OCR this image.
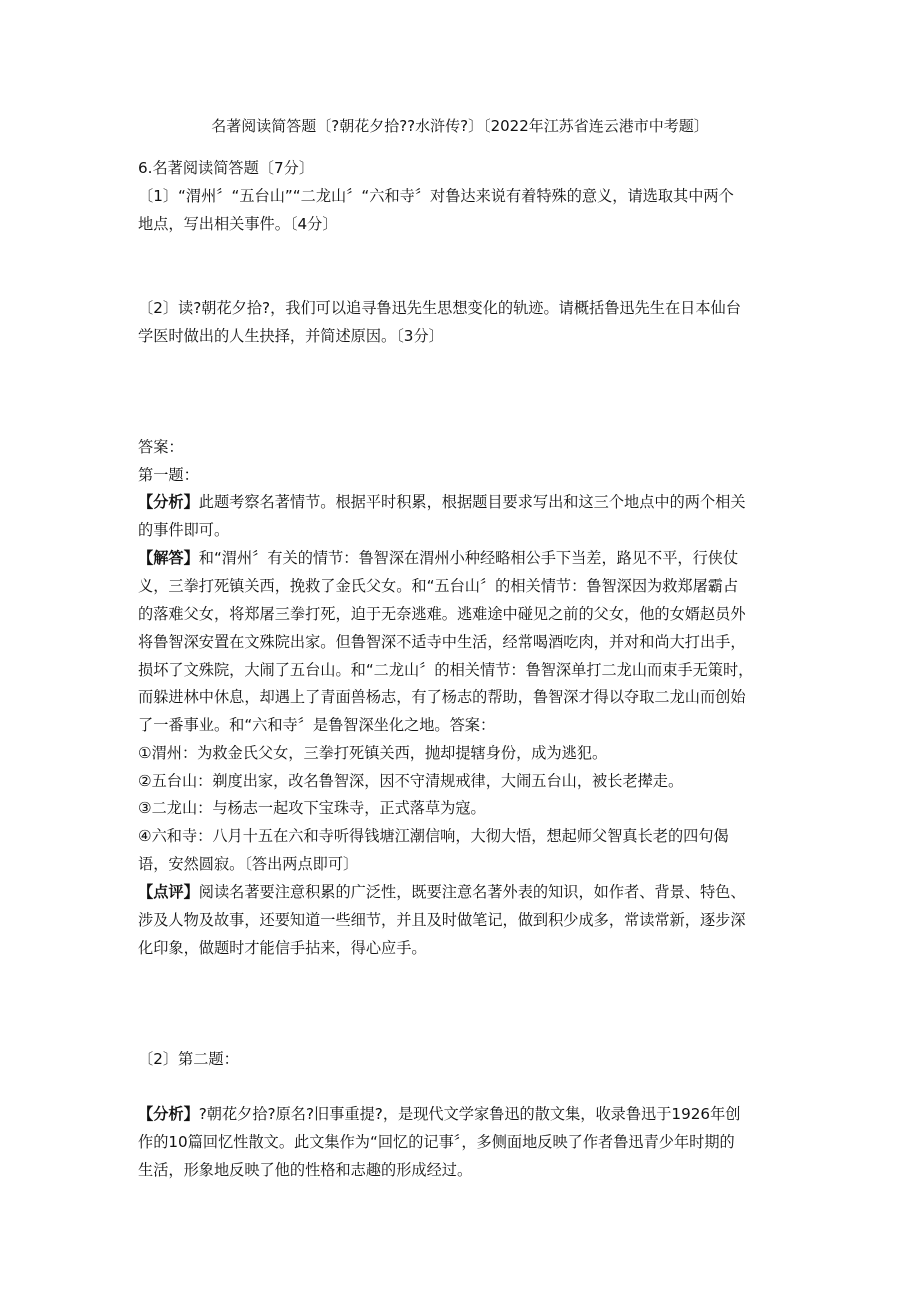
名著阅读简答题〔?朝花夕拾??水浒传?〕〔2022年江苏省连云港市中考题〕
6.名著阅读简答题〔7分〕
〔1〕“渭州〞“五台山”“二龙山〞“六和寺〞对鲁达来说有着特殊的意义，请选取其中两个
地点，写出相关事件。〔4分〕
〔2〕读?朝花夕拾?，我们可以追寻鲁迅先生思想变化的轨迹。请概括鲁迅先生在日本仙台
学医时做出的人生抉择，并简述原因。〔3分〕
答案：
第一题：
【分析】此题考察名著情节。根据平时积累，根据题目要求写出和这三个地点中的两个相关
的事件即可。
【解答】和“渭州〞有关的情节：鲁智深在渭州小种经略相公手下当差，路见不平，行侠仗
义，三拳打死镇关西，挽救了金氏父女。和“五台山〞的相关情节：鲁智深因为救郑屠霸占
的落难父女，将郑屠三拳打死，迫于无奈逃难。逃难途中碰见之前的父女，他的女婿赵员外
将鲁智深安置在文殊院出家。但鲁智深不适寺中生活，经常喝酒吃肉，并对和尚大打出手，
损坏了文殊院，大闹了五台山。和“二龙山〞的相关情节：鲁智深单打二龙山而束手无策时，
而躲进林中休息，却遇上了青面兽杨志，有了杨志的帮助，鲁智深才得以夺取二龙山而创始
了一番事业。和“六和寺〞是鲁智深坐化之地。答案：
①渭州：为救金氏父女，三拳打死镇关西，抛却提辖身份，成为逃犯。
②五台山：剃度出家，改名鲁智深，因不守清规戒律，大闹五台山，被长老撵走。
③二龙山：与杨志一起攻下宝珠寺，正式落草为寇。
④六和寺：八月十五在六和寺听得钱塘江潮信响，大彻大悟，想起师父智真长老的四句偈
语，安然圆寂。〔答出两点即可〕
【点评】阅读名著要注意积累的广泛性，既要注意名著外表的知识，如作者、背景、特色、
涉及人物及故事，还要知道一些细节，并且及时做笔记，做到积少成多，常读常新，逐步深
化印象，做题时才能信手拈来，得心应手。
〔2〕第二题：
【分析】?朝花夕拾?原名?旧事重提?，是现代文学家鲁迅的散文集，收录鲁迅于1926年创
作的10篇回忆性散文。此文集作为“回忆的记事〞，多侧面地反映了作者鲁迅青少年时期的
生活，形象地反映了他的性格和志趣的形成经过。
